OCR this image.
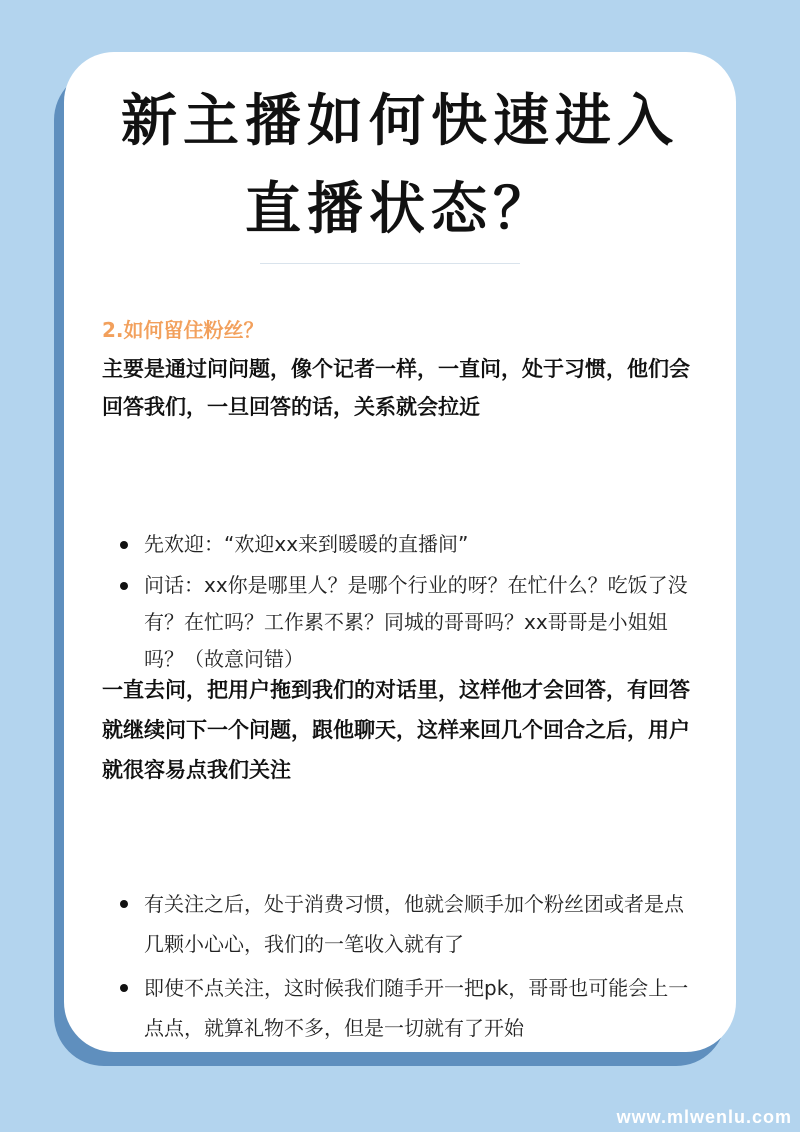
新主播如何快速进入
直播状态？
2.如何留住粉丝？

主要是通过问问题，像个记者一样，一直问，处于习惯，他们会回答我们，一旦回答的话，关系就会拉近

先欢迎：“欢迎xx来到暖暖的直播间”
问话：xx你是哪里人？是哪个行业的呀？在忙什么？吃饭了没有？在忙吗？工作累不累？同城的哥哥吗？xx哥哥是小姐姐吗？（故意问错）

一直去问，把用户拖到我们的对话里，这样他才会回答，有回答就继续问下一个问题，跟他聊天，这样来回几个回合之后，用户就很容易点我们关注

有关注之后，处于消费习惯，他就会顺手加个粉丝团或者是点几颗小心心，我们的一笔收入就有了
即使不点关注，这时候我们随手开一把pk，哥哥也可能会上一点点，就算礼物不多，但是一切就有了开始
www.mlwenlu.com
